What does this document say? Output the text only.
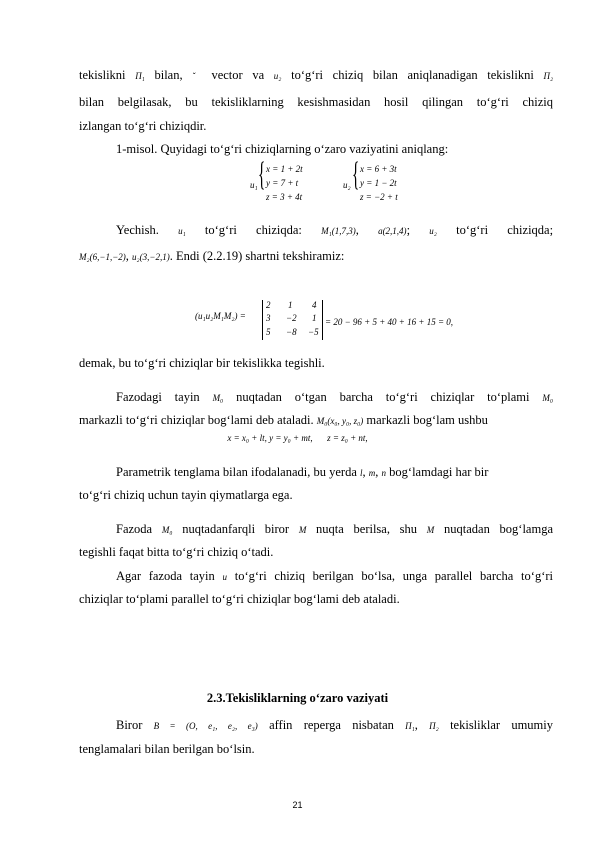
tekislikni Π₁ bilan, ˇ vector va u₂ to‘g‘ri chiziq bilan aniqlanadigan tekislikni Π₂
bilan belgilasak, bu tekisliklarning kesishmasidan hosil qilingan to‘g‘ri chiziq
izlangan to‘g‘ri chiziqdir.
1-misol. Quyidagi to‘g‘ri chiziqlarning o‘zaro vaziyatini aniqlang:
u₁ { x = 1 + 2t
y = 7 + t
z = 3 + 4t
u₂ { x = 6 + 3t
y = 1 − 2t
z = −2 + t
Yechish. u₁ to‘g‘ri chiziqda: M₁(1,7,3), a(2,1,4); u₂ to‘g‘ri chiziqda;
M₂(6,−1,−2), u₂(3,−2,1). Endi (2.2.19) shartni tekshiramiz:
(u₁u₂M₁M₂) =
2 1 4
3 −2 1
5 −8 −5
= 20 − 96 + 5 + 40 + 16 + 15 = 0,
demak, bu to‘g‘ri chiziqlar bir tekislikka tegishli.
Fazodagi tayin M₀ nuqtadan o‘tgan barcha to‘g‘ri chiziqlar to‘plami M₀
markazli to‘g‘ri chiziqlar bog‘lami deb ataladi. M₀(x₀, y₀, z₀) markazli bog‘lam ushbu
x = x₀ + lt, y = y₀ + mt, z = z₀ + nt,
Parametrik tenglama bilan ifodalanadi, bu yerda l, m, n bog‘lamdagi har bir
to‘g‘ri chiziq uchun tayin qiymatlarga ega.
Fazoda M₀ nuqtadanfarqli biror M nuqta berilsa, shu M nuqtadan bog‘lamga
tegishli faqat bitta to‘g‘ri chiziq o‘tadi.
Agar fazoda tayin u to‘g‘ri chiziq berilgan bo‘lsa, unga parallel barcha to‘g‘ri
chiziqlar to‘plami parallel to‘g‘ri chiziqlar bog‘lami deb ataladi.
2.3.Tekisliklarning o‘zaro vaziyati
Biror B = (O, e₁, e₂, e₃) affin reperga nisbatan Π₁, Π₂ tekisliklar umumiy
tenglamalari bilan berilgan bo‘lsin.
21
